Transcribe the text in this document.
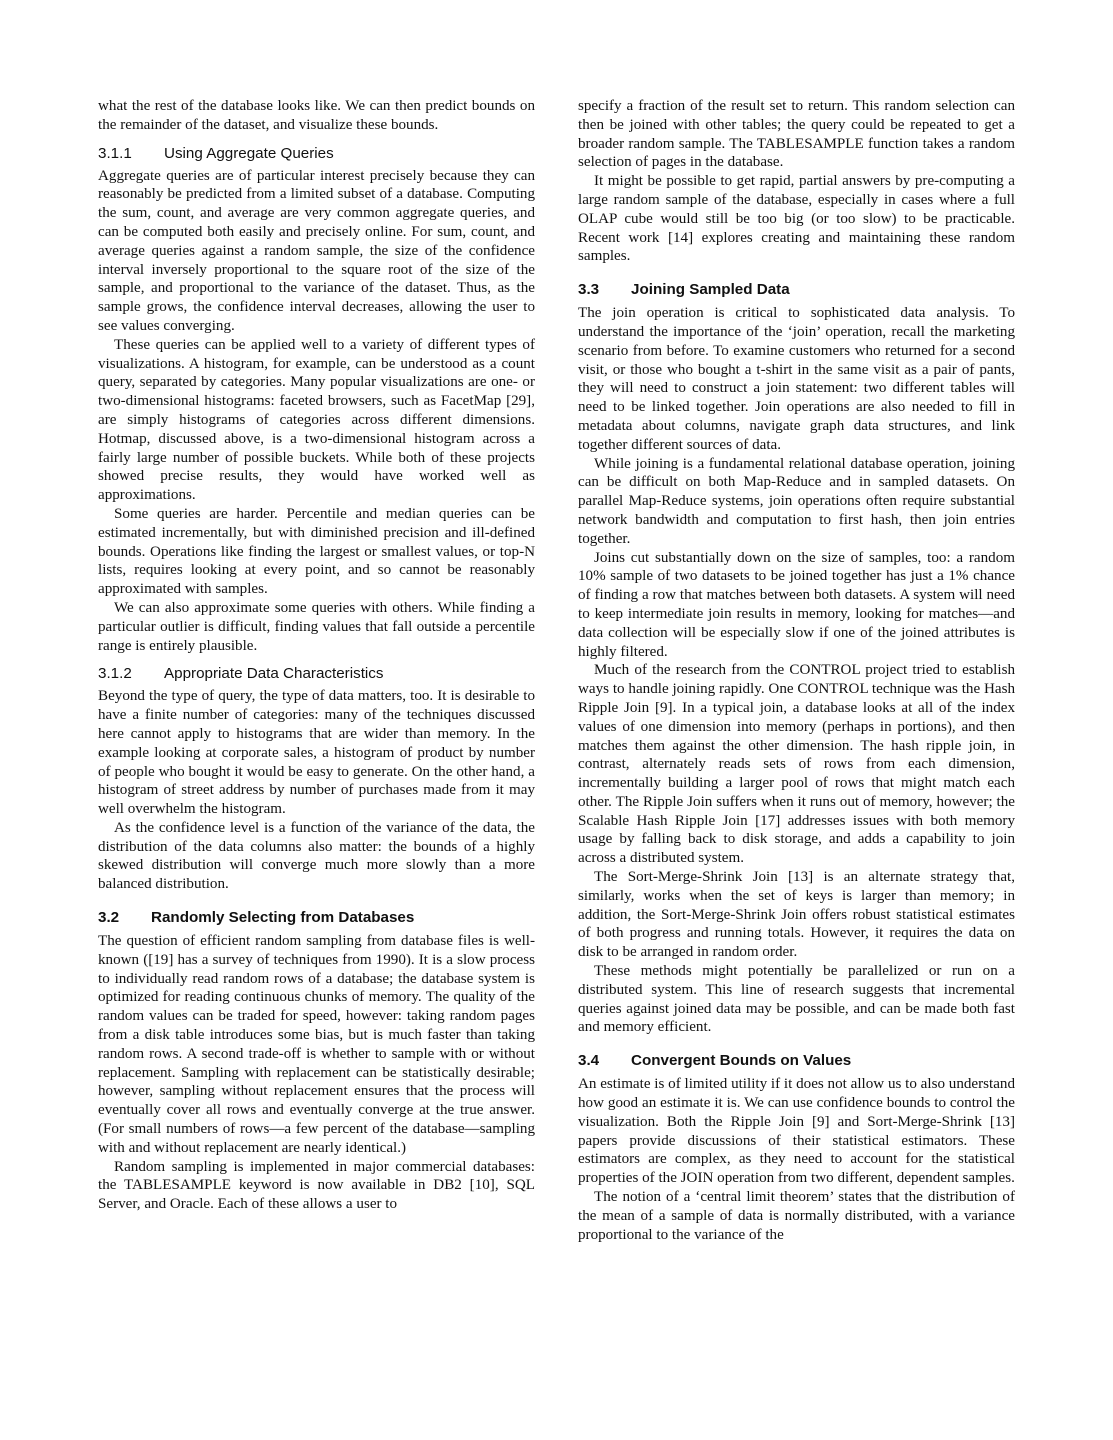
what the rest of the database looks like. We can then predict bounds on the remainder of the dataset, and visualize these bounds.

3.1.1 Using Aggregate Queries

Aggregate queries are of particular interest precisely because they can reasonably be predicted from a limited subset of a database. Computing the sum, count, and average are very common aggregate queries, and can be computed both easily and precisely online. For sum, count, and average queries against a random sample, the size of the confidence interval inversely proportional to the square root of the size of the sample, and proportional to the variance of the dataset. Thus, as the sample grows, the confidence interval decreases, allowing the user to see values converging.

These queries can be applied well to a variety of different types of visualizations. A histogram, for example, can be understood as a count query, separated by categories. Many popular visualizations are one- or two-dimensional histograms: faceted browsers, such as FacetMap [29], are simply histograms of categories across different dimensions. Hotmap, discussed above, is a two-dimensional histogram across a fairly large number of possible buckets. While both of these projects showed precise results, they would have worked well as approximations.

Some queries are harder. Percentile and median queries can be estimated incrementally, but with diminished precision and ill-defined bounds. Operations like finding the largest or smallest values, or top-N lists, requires looking at every point, and so cannot be reasonably approximated with samples.

We can also approximate some queries with others. While finding a particular outlier is difficult, finding values that fall outside a percentile range is entirely plausible.

3.1.2 Appropriate Data Characteristics

Beyond the type of query, the type of data matters, too. It is desirable to have a finite number of categories: many of the techniques discussed here cannot apply to histograms that are wider than memory. In the example looking at corporate sales, a histogram of product by number of people who bought it would be easy to generate. On the other hand, a histogram of street address by number of purchases made from it may well overwhelm the histogram.

As the confidence level is a function of the variance of the data, the distribution of the data columns also matter: the bounds of a highly skewed distribution will converge much more slowly than a more balanced distribution.

3.2 Randomly Selecting from Databases

The question of efficient random sampling from database files is well-known ([19] has a survey of techniques from 1990). It is a slow process to individually read random rows of a database; the database system is optimized for reading continuous chunks of memory. The quality of the random values can be traded for speed, however: taking random pages from a disk table introduces some bias, but is much faster than taking random rows. A second trade-off is whether to sample with or without replacement. Sampling with replacement can be statistically desirable; however, sampling without replacement ensures that the process will eventually cover all rows and eventually converge at the true answer. (For small numbers of rows—a few percent of the database—sampling with and without replacement are nearly identical.)

Random sampling is implemented in major commercial databases: the TABLESAMPLE keyword is now available in DB2 [10], SQL Server, and Oracle. Each of these allows a user to

specify a fraction of the result set to return. This random selection can then be joined with other tables; the query could be repeated to get a broader random sample. The TABLESAMPLE function takes a random selection of pages in the database.

It might be possible to get rapid, partial answers by pre-computing a large random sample of the database, especially in cases where a full OLAP cube would still be too big (or too slow) to be practicable. Recent work [14] explores creating and maintaining these random samples.

3.3 Joining Sampled Data

The join operation is critical to sophisticated data analysis. To understand the importance of the ‘join’ operation, recall the marketing scenario from before. To examine customers who returned for a second visit, or those who bought a t-shirt in the same visit as a pair of pants, they will need to construct a join statement: two different tables will need to be linked together. Join operations are also needed to fill in metadata about columns, navigate graph data structures, and link together different sources of data.

While joining is a fundamental relational database operation, joining can be difficult on both Map-Reduce and in sampled datasets. On parallel Map-Reduce systems, join operations often require substantial network bandwidth and computation to first hash, then join entries together.

Joins cut substantially down on the size of samples, too: a random 10% sample of two datasets to be joined together has just a 1% chance of finding a row that matches between both datasets. A system will need to keep intermediate join results in memory, looking for matches—and data collection will be especially slow if one of the joined attributes is highly filtered.

Much of the research from the CONTROL project tried to establish ways to handle joining rapidly. One CONTROL technique was the Hash Ripple Join [9]. In a typical join, a database looks at all of the index values of one dimension into memory (perhaps in portions), and then matches them against the other dimension. The hash ripple join, in contrast, alternately reads sets of rows from each dimension, incrementally building a larger pool of rows that might match each other. The Ripple Join suffers when it runs out of memory, however; the Scalable Hash Ripple Join [17] addresses issues with both memory usage by falling back to disk storage, and adds a capability to join across a distributed system.

The Sort-Merge-Shrink Join [13] is an alternate strategy that, similarly, works when the set of keys is larger than memory; in addition, the Sort-Merge-Shrink Join offers robust statistical estimates of both progress and running totals. However, it requires the data on disk to be arranged in random order.

These methods might potentially be parallelized or run on a distributed system. This line of research suggests that incremental queries against joined data may be possible, and can be made both fast and memory efficient.

3.4 Convergent Bounds on Values

An estimate is of limited utility if it does not allow us to also understand how good an estimate it is. We can use confidence bounds to control the visualization. Both the Ripple Join [9] and Sort-Merge-Shrink [13] papers provide discussions of their statistical estimators. These estimators are complex, as they need to account for the statistical properties of the JOIN operation from two different, dependent samples.

The notion of a ‘central limit theorem’ states that the distribution of the mean of a sample of data is normally distributed, with a variance proportional to the variance of the
